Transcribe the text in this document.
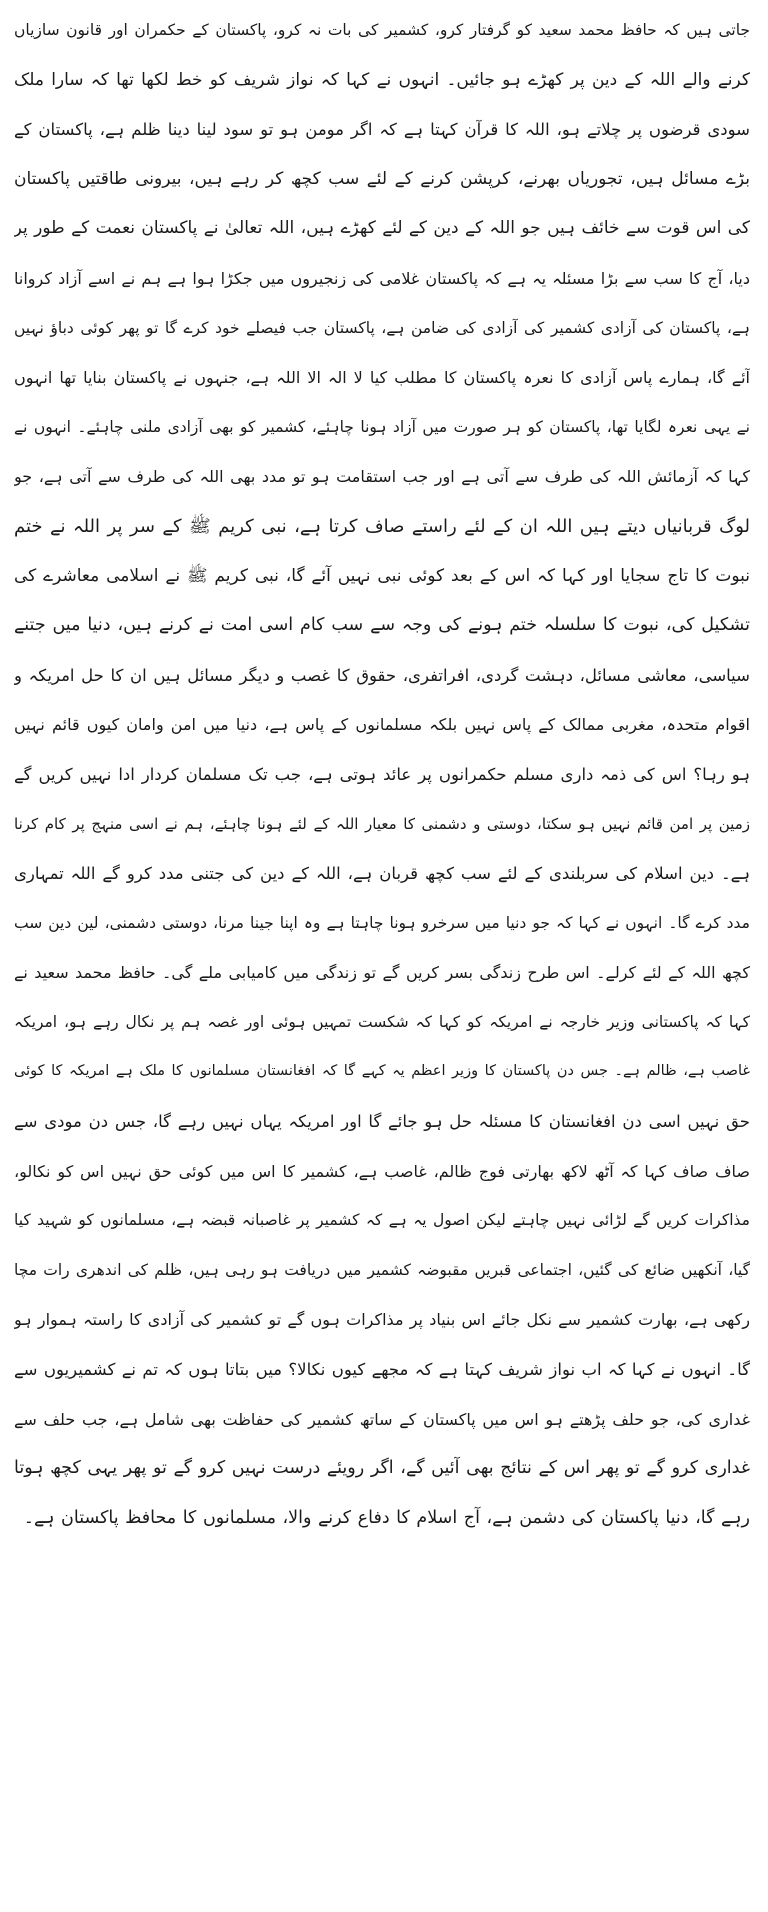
جاتی ہیں کہ حافظ محمد سعید کو گرفتار کرو، کشمیر کی بات نہ کرو، پاکستان کے حکمران اور قانون سازیاں
کرنے والے اللہ کے دین پر کھڑے ہو جائیں۔ انہوں نے کہا کہ نواز شریف کو خط لکھا تھا کہ سارا ملک
سودی قرضوں پر چلاتے ہو، اللہ کا قرآن کہتا ہے کہ اگر مومن ہو تو سود لینا دینا ظلم ہے، پاکستان کے
بڑے مسائل ہیں، تجوریاں بھرنے، کرپشن کرنے کے لئے سب کچھ کر رہے ہیں، بیرونی طاقتیں پاکستان
کی اس قوت سے خائف ہیں جو اللہ کے دین کے لئے کھڑے ہیں، اللہ تعالیٰ نے پاکستان نعمت کے طور پر
دیا، آج کا سب سے بڑا مسئلہ یہ ہے کہ پاکستان غلامی کی زنجیروں میں جکڑا ہوا ہے ہم نے اسے آزاد کروانا
ہے، پاکستان کی آزادی کشمیر کی آزادی کی ضامن ہے، پاکستان جب فیصلے خود کرے گا تو پھر کوئی دباؤ نہیں
آئے گا، ہمارے پاس آزادی کا نعرہ پاکستان کا مطلب کیا لا الہ الا اللہ ہے، جنہوں نے پاکستان بنایا تھا انہوں
نے یہی نعرہ لگایا تھا، پاکستان کو ہر صورت میں آزاد ہونا چاہئے، کشمیر کو بھی آزادی ملنی چاہئے۔ انہوں نے
کہا کہ آزمائش اللہ کی طرف سے آتی ہے اور جب استقامت ہو تو مدد بھی اللہ کی طرف سے آتی ہے، جو
لوگ قربانیاں دیتے ہیں اللہ ان کے لئے راستے صاف کرتا ہے، نبی کریم ﷺ کے سر پر اللہ نے ختم
نبوت کا تاج سجایا اور کہا کہ اس کے بعد کوئی نبی نہیں آئے گا، نبی کریم ﷺ نے اسلامی معاشرے کی
تشکیل کی، نبوت کا سلسلہ ختم ہونے کی وجہ سے سب کام اسی امت نے کرنے ہیں، دنیا میں جتنے
سیاسی، معاشی مسائل، دہشت گردی، افراتفری، حقوق کا غصب و دیگر مسائل ہیں ان کا حل امریکہ و
اقوام متحدہ، مغربی ممالک کے پاس نہیں بلکہ مسلمانوں کے پاس ہے، دنیا میں امن وامان کیوں قائم نہیں
ہو رہا؟ اس کی ذمہ داری مسلم حکمرانوں پر عائد ہوتی ہے، جب تک مسلمان کردار ادا نہیں کریں گے
زمین پر امن قائم نہیں ہو سکتا، دوستی و دشمنی کا معیار اللہ کے لئے ہونا چاہئے، ہم نے اسی منہج پر کام کرنا
ہے۔ دین اسلام کی سربلندی کے لئے سب کچھ قربان ہے، اللہ کے دین کی جتنی مدد کرو گے اللہ تمہاری
مدد کرے گا۔ انہوں نے کہا کہ جو دنیا میں سرخرو ہونا چاہتا ہے وہ اپنا جینا مرنا، دوستی دشمنی، لین دین سب
کچھ اللہ کے لئے کرلے۔ اس طرح زندگی بسر کریں گے تو زندگی میں کامیابی ملے گی۔ حافظ محمد سعید نے
کہا کہ پاکستانی وزیر خارجہ نے امریکہ کو کہا کہ شکست تمہیں ہوئی اور غصہ ہم پر نکال رہے ہو، امریکہ
غاصب ہے، ظالم ہے۔ جس دن پاکستان کا وزیر اعظم یہ کہے گا کہ افغانستان مسلمانوں کا ملک ہے امریکہ کا کوئی
حق نہیں اسی دن افغانستان کا مسئلہ حل ہو جائے گا اور امریکہ یہاں نہیں رہے گا، جس دن مودی سے
صاف صاف کہا کہ آٹھ لاکھ بھارتی فوج ظالم، غاصب ہے، کشمیر کا اس میں کوئی حق نہیں اس کو نکالو،
مذاکرات کریں گے لڑائی نہیں چاہتے لیکن اصول یہ ہے کہ کشمیر پر غاصبانہ قبضہ ہے، مسلمانوں کو شہید کیا
گیا، آنکھیں ضائع کی گئیں، اجتماعی قبریں مقبوضہ کشمیر میں دریافت ہو رہی ہیں، ظلم کی اندھری رات مچا
رکھی ہے، بھارت کشمیر سے نکل جائے اس بنیاد پر مذاکرات ہوں گے تو کشمیر کی آزادی کا راستہ ہموار ہو
گا۔ انہوں نے کہا کہ اب نواز شریف کہتا ہے کہ مجھے کیوں نکالا؟ میں بتاتا ہوں کہ تم نے کشمیریوں سے
غداری کی، جو حلف پڑھتے ہو اس میں پاکستان کے ساتھ کشمیر کی حفاظت بھی شامل ہے، جب حلف سے
غداری کرو گے تو پھر اس کے نتائج بھی آئیں گے، اگر رویئے درست نہیں کرو گے تو پھر یہی کچھ ہوتا
رہے گا، دنیا پاکستان کی دشمن ہے، آج اسلام کا دفاع کرنے والا، مسلمانوں کا محافظ پاکستان ہے۔
